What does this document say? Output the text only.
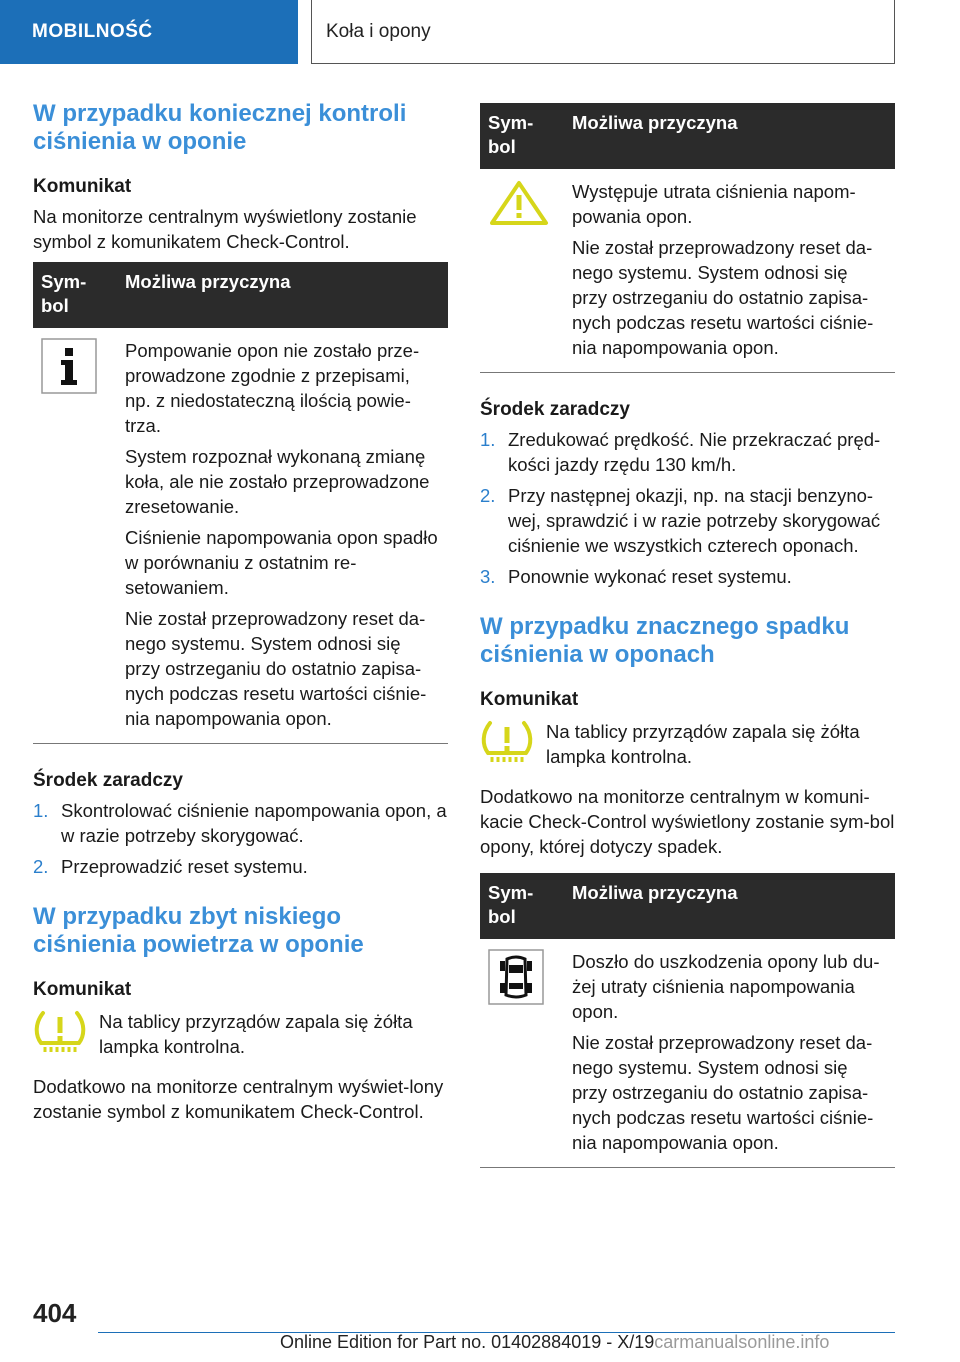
MOBILNOŚĆ	Koła i opony
W przypadku koniecznej kontroli ciśnienia w oponie
Komunikat

Na monitorze centralnym wyświetlony zostanie symbol z komunikatem Check-Control.

Sym-bol	Możliwa przyczyna

Pompowanie opon nie zostało prze-prowadzone zgodnie z przepisami, np. z niedostateczną ilością powie-trza.

System rozpoznał wykonaną zmianę koła, ale nie zostało przeprowadzone zresetowanie.

Ciśnienie napompowania opon spadło w porównaniu z ostatnim re-setowaniem.

Nie został przeprowadzony reset da-nego systemu. System odnosi się przy ostrzeganiu do ostatnio zapisa-nych podczas resetu wartości ciśnie-nia napompowania opon.

Środek zaradczy
1. Skontrolować ciśnienie napompowania opon, a w razie potrzeby skorygować.
2. Przeprowadzić reset systemu.
W przypadku zbyt niskiego ciśnienia powietrza w oponie
Komunikat

Na tablicy przyrządów zapala się żółta lampka kontrolna.

Dodatkowo na monitorze centralnym wyświet-lony zostanie symbol z komunikatem Check-Control.

Sym-bol	Możliwa przyczyna

Występuje utrata ciśnienia napom-powania opon.

Nie został przeprowadzony reset da-nego systemu. System odnosi się przy ostrzeganiu do ostatnio zapisa-nych podczas resetu wartości ciśnie-nia napompowania opon.

Środek zaradczy
1. Zredukować prędkość. Nie przekraczać pręd-kości jazdy rzędu 130 km/h.
2. Przy następnej okazji, np. na stacji benzyno-wej, sprawdzić i w razie potrzeby skorygować ciśnienie we wszystkich czterech oponach.
3. Ponownie wykonać reset systemu.
W przypadku znacznego spadku ciśnienia w oponach
Komunikat

Na tablicy przyrządów zapala się żółta lampka kontrolna.

Dodatkowo na monitorze centralnym w komuni-kacie Check-Control wyświetlony zostanie sym-bol opony, której dotyczy spadek.

Sym-bol	Możliwa przyczyna

Doszło do uszkodzenia opony lub du-żej utraty ciśnienia napompowania opon.

Nie został przeprowadzony reset da-nego systemu. System odnosi się przy ostrzeganiu do ostatnio zapisa-nych podczas resetu wartości ciśnie-nia napompowania opon.

404
Online Edition for Part no. 01402884019 - X/19carmanualsonline.info
